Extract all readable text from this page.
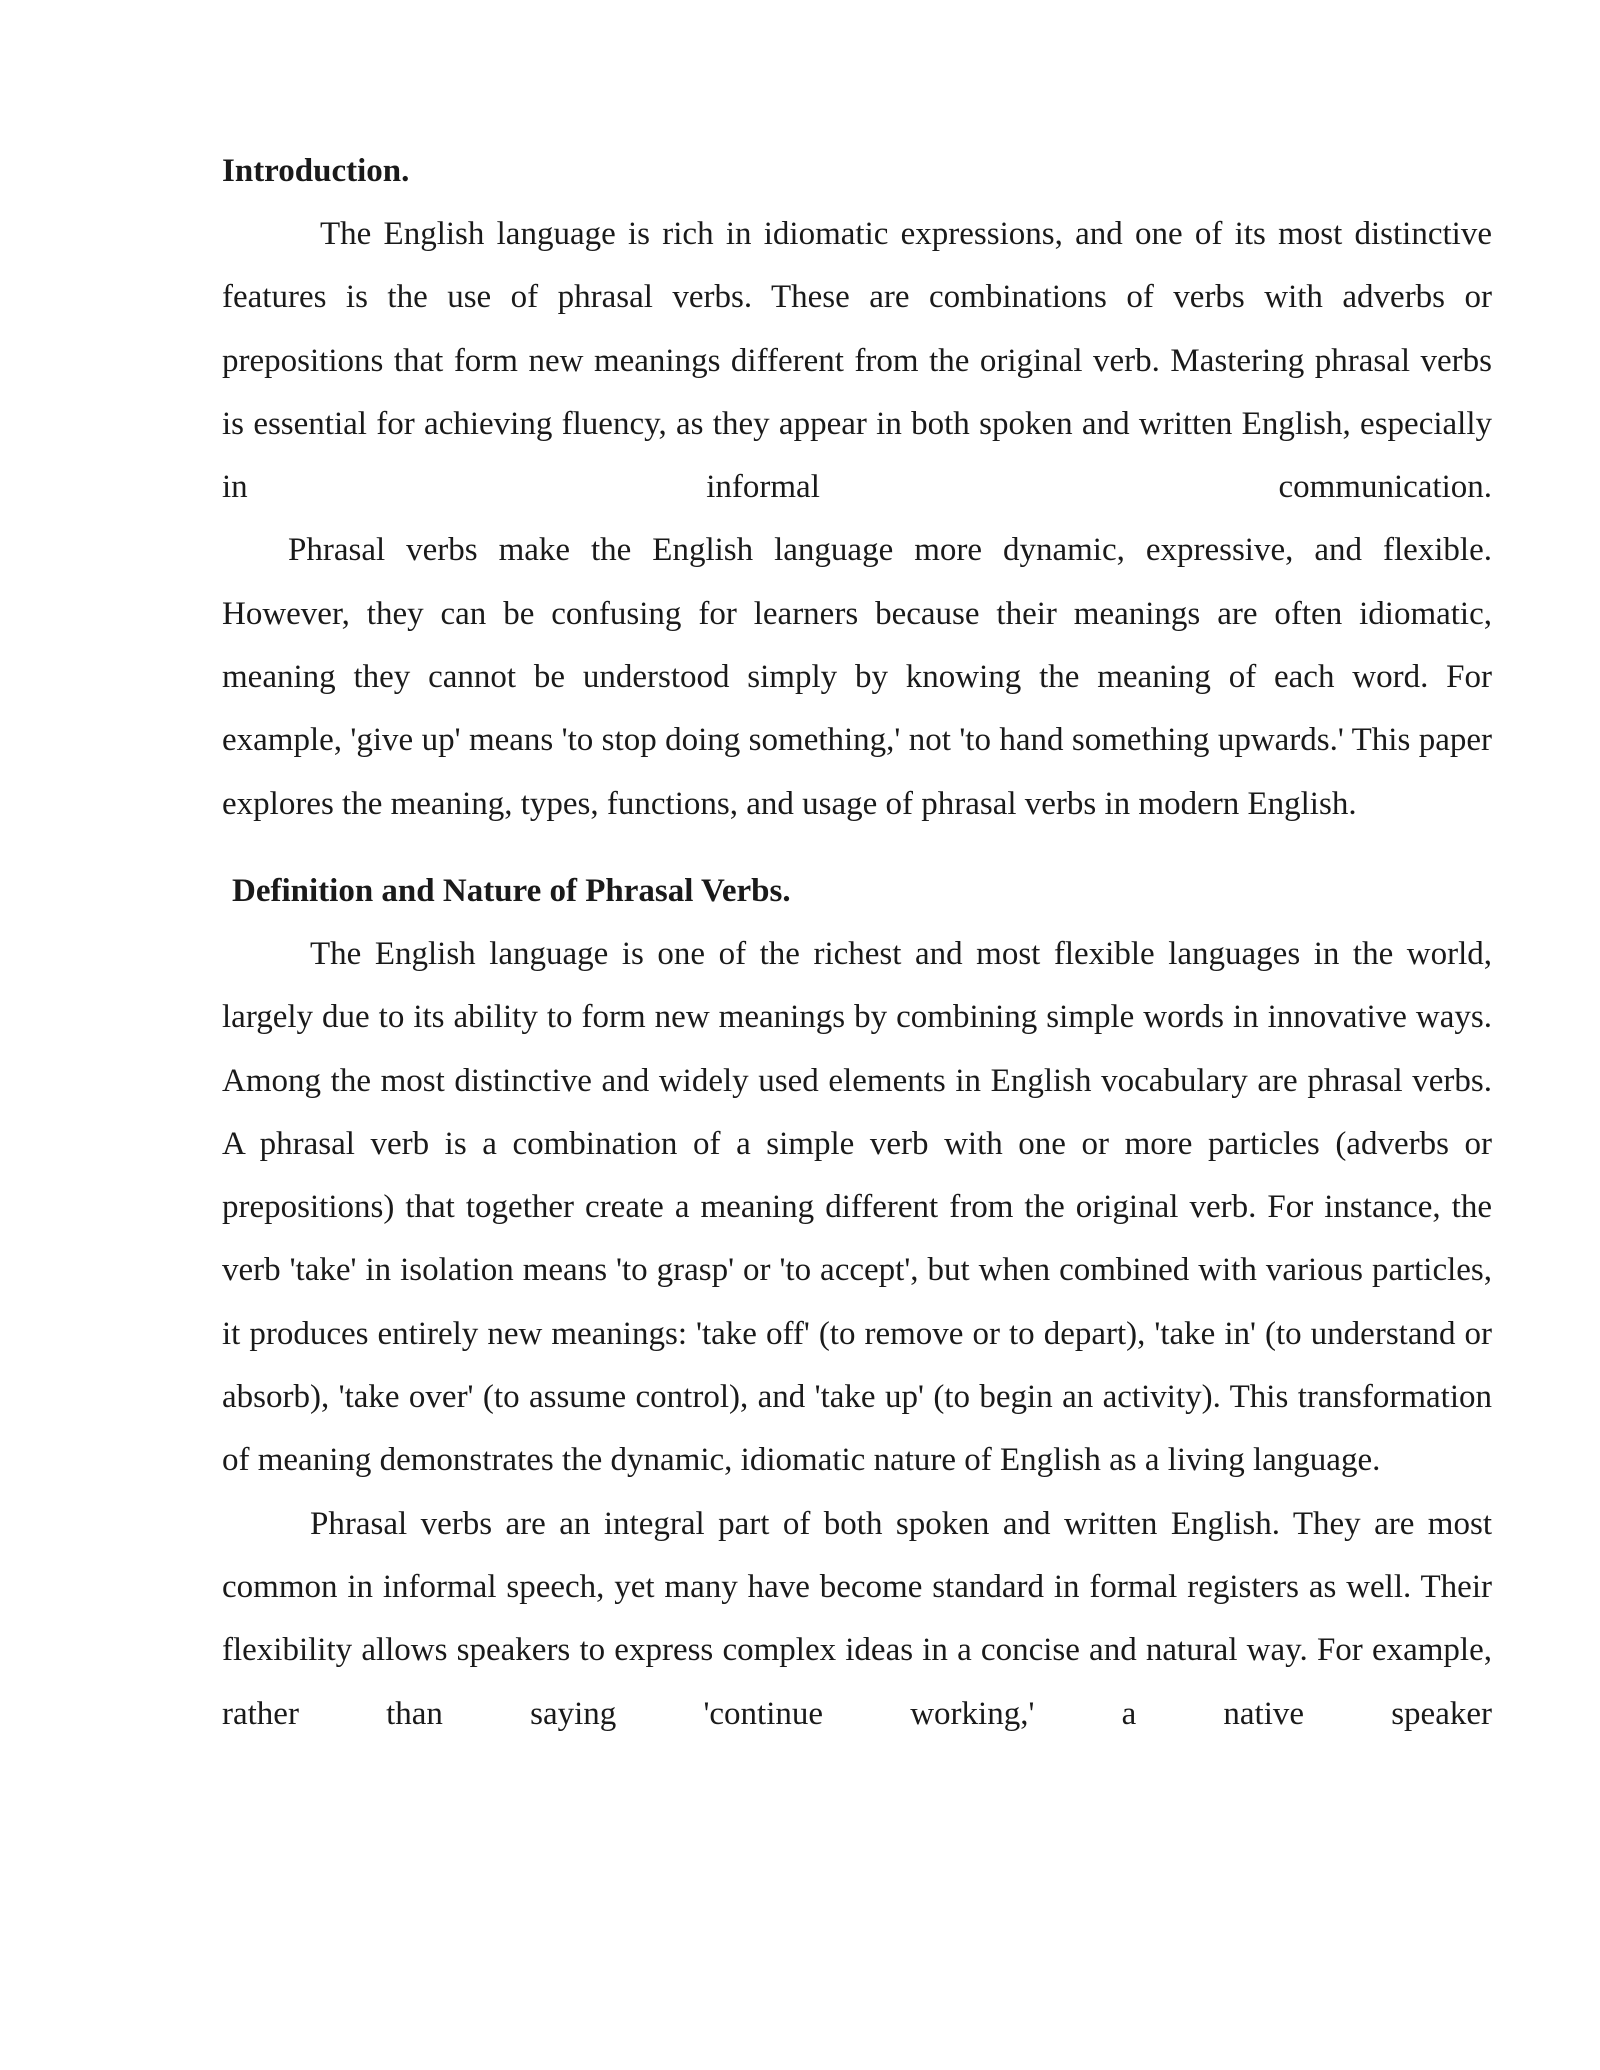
Introduction.

The English language is rich in idiomatic expressions, and one of its most distinctive features is the use of phrasal verbs. These are combinations of verbs with adverbs or prepositions that form new meanings different from the original verb. Mastering phrasal verbs is essential for achieving fluency, as they appear in both spoken and written English, especially in informal communication.

Phrasal verbs make the English language more dynamic, expressive, and flexible. However, they can be confusing for learners because their meanings are often idiomatic, meaning they cannot be understood simply by knowing the meaning of each word. For example, 'give up' means 'to stop doing something,' not 'to hand something upwards.' This paper explores the meaning, types, functions, and usage of phrasal verbs in modern English.

Definition and Nature of Phrasal Verbs.

The English language is one of the richest and most flexible languages in the world, largely due to its ability to form new meanings by combining simple words in innovative ways. Among the most distinctive and widely used elements in English vocabulary are phrasal verbs. A phrasal verb is a combination of a simple verb with one or more particles (adverbs or prepositions) that together create a meaning different from the original verb. For instance, the verb 'take' in isolation means 'to grasp' or 'to accept', but when combined with various particles, it produces entirely new meanings: 'take off' (to remove or to depart), 'take in' (to understand or absorb), 'take over' (to assume control), and 'take up' (to begin an activity). This transformation of meaning demonstrates the dynamic, idiomatic nature of English as a living language.

Phrasal verbs are an integral part of both spoken and written English. They are most common in informal speech, yet many have become standard in formal registers as well. Their flexibility allows speakers to express complex ideas in a concise and natural way. For example, rather than saying 'continue working,' a native speaker
